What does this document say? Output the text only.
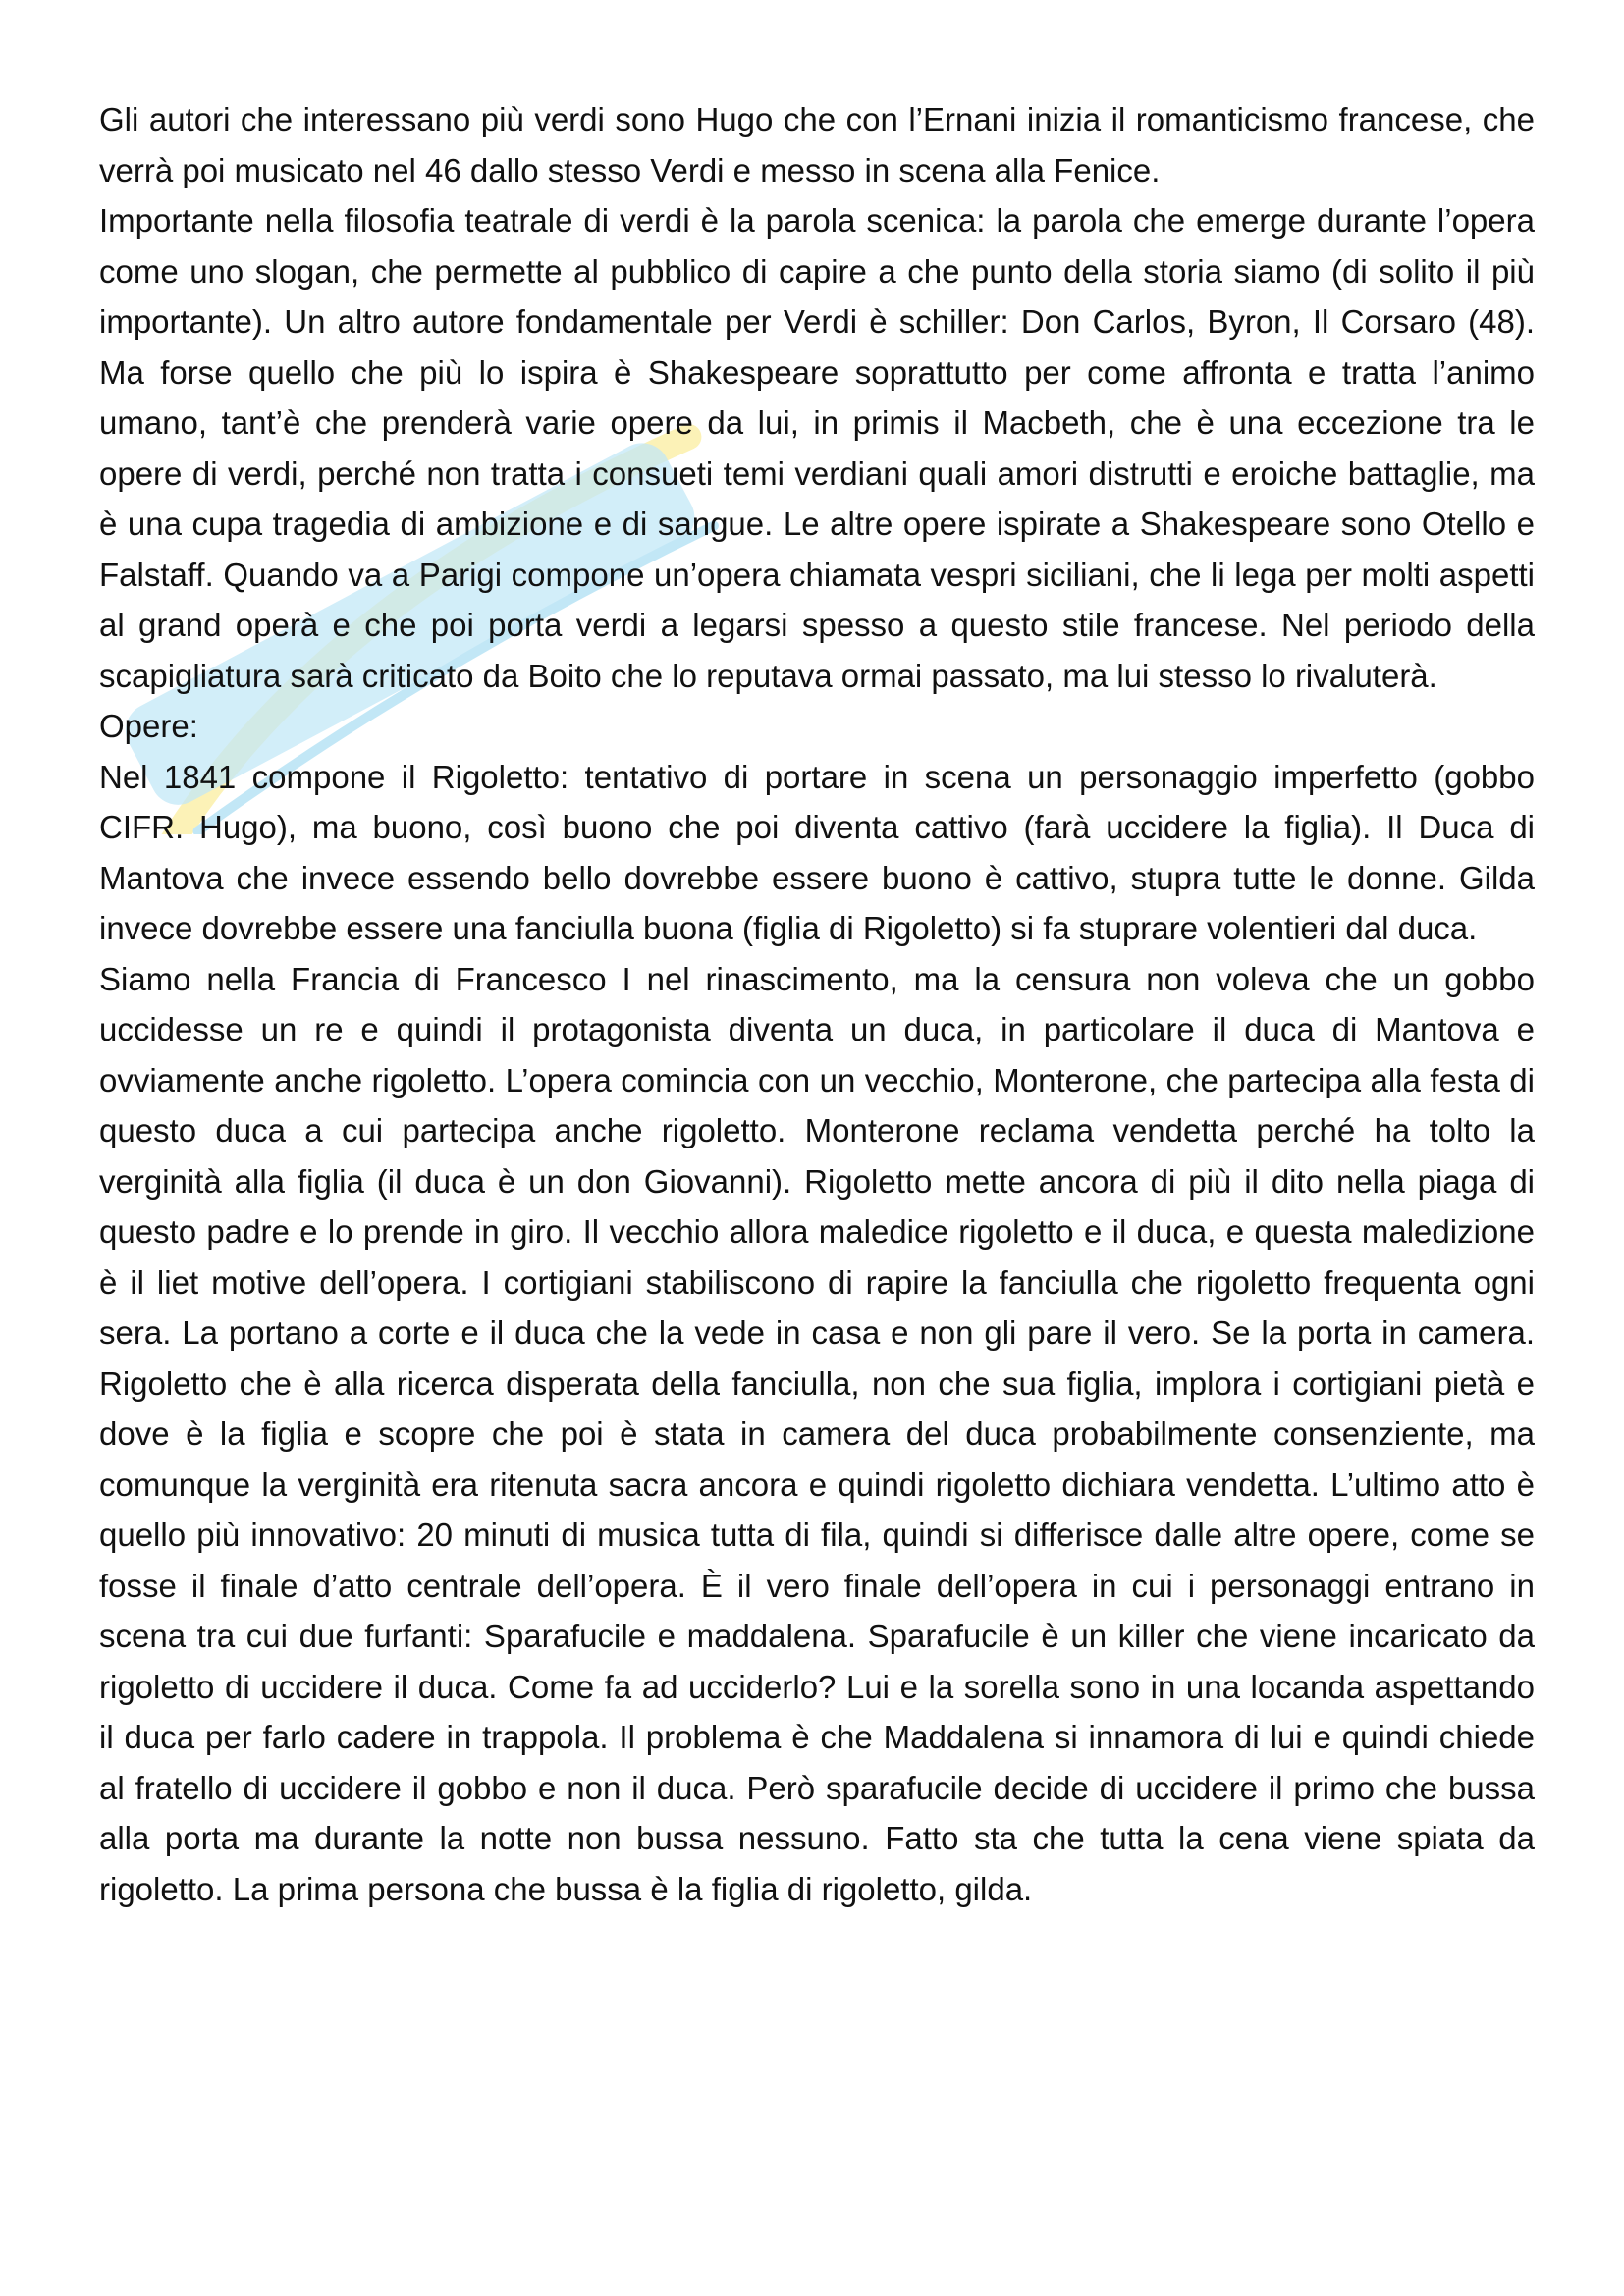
Gli autori che interessano più verdi sono Hugo che con l’Ernani inizia il romanticismo francese, che verrà poi musicato nel 46 dallo stesso Verdi e messo in scena alla Fenice.

Importante nella filosofia teatrale di verdi è la parola scenica: la parola che emerge durante l’opera come uno slogan, che permette al pubblico di capire a che punto della storia siamo (di solito il più importante). Un altro autore fondamentale per Verdi è schiller: Don Carlos, Byron, Il Corsaro (48). Ma forse quello che più lo ispira è Shakespeare soprattutto per come affronta e tratta l’animo umano, tant’è che prenderà varie opere da lui, in primis il Macbeth, che è una eccezione tra le opere di verdi, perché non tratta i consueti temi verdiani quali amori distrutti e eroiche battaglie, ma è una cupa tragedia di ambizione e di sangue. Le altre opere ispirate a Shakespeare sono Otello e Falstaff. Quando va a Parigi compone un’opera chiamata vespri siciliani, che li lega per molti aspetti al grand operà e che poi porta verdi a legarsi spesso a questo stile francese. Nel periodo della scapigliatura sarà criticato da Boito che lo reputava ormai passato, ma lui stesso lo rivaluterà.

Opere:

Nel 1841 compone il Rigoletto: tentativo di portare in scena un personaggio imperfetto (gobbo CIFR. Hugo), ma buono, così buono che poi diventa cattivo (farà uccidere la figlia). Il Duca di Mantova che invece essendo bello dovrebbe essere buono è cattivo, stupra tutte le donne. Gilda invece dovrebbe essere una fanciulla buona (figlia di Rigoletto) si fa stuprare volentieri dal duca.

Siamo nella Francia di Francesco I nel rinascimento, ma la censura non voleva che un gobbo uccidesse un re e quindi il protagonista diventa un duca, in particolare il duca di Mantova e ovviamente anche rigoletto. L’opera comincia con un vecchio, Monterone, che partecipa alla festa di questo duca a cui partecipa anche rigoletto. Monterone reclama vendetta perché ha tolto la verginità alla figlia (il duca è un don Giovanni). Rigoletto mette ancora di più il dito nella piaga di questo padre e lo prende in giro. Il vecchio allora maledice rigoletto e il duca, e questa maledizione è il liet motive dell’opera. I cortigiani stabiliscono di rapire la fanciulla che rigoletto frequenta ogni sera. La portano a corte e il duca che la vede in casa e non gli pare il vero. Se la porta in camera. Rigoletto che è alla ricerca disperata della fanciulla, non che sua figlia, implora i cortigiani pietà e dove è la figlia e scopre che poi è stata in camera del duca probabilmente consenziente, ma comunque la verginità era ritenuta sacra ancora e quindi rigoletto dichiara vendetta. L’ultimo atto è quello più innovativo: 20 minuti di musica tutta di fila, quindi si differisce dalle altre opere, come se fosse il finale d’atto centrale dell’opera. È il vero finale dell’opera in cui i personaggi entrano in scena tra cui due furfanti: Sparafucile e maddalena. Sparafucile è un killer che viene incaricato da rigoletto di uccidere il duca. Come fa ad ucciderlo? Lui e la sorella sono in una locanda aspettando il duca per farlo cadere in trappola. Il problema è che Maddalena si innamora di lui e quindi chiede al fratello di uccidere il gobbo e non il duca. Però sparafucile decide di uccidere il primo che bussa alla porta ma durante la notte non bussa nessuno. Fatto sta che tutta la cena viene spiata da rigoletto. La prima persona che bussa è la figlia di rigoletto, gilda.
